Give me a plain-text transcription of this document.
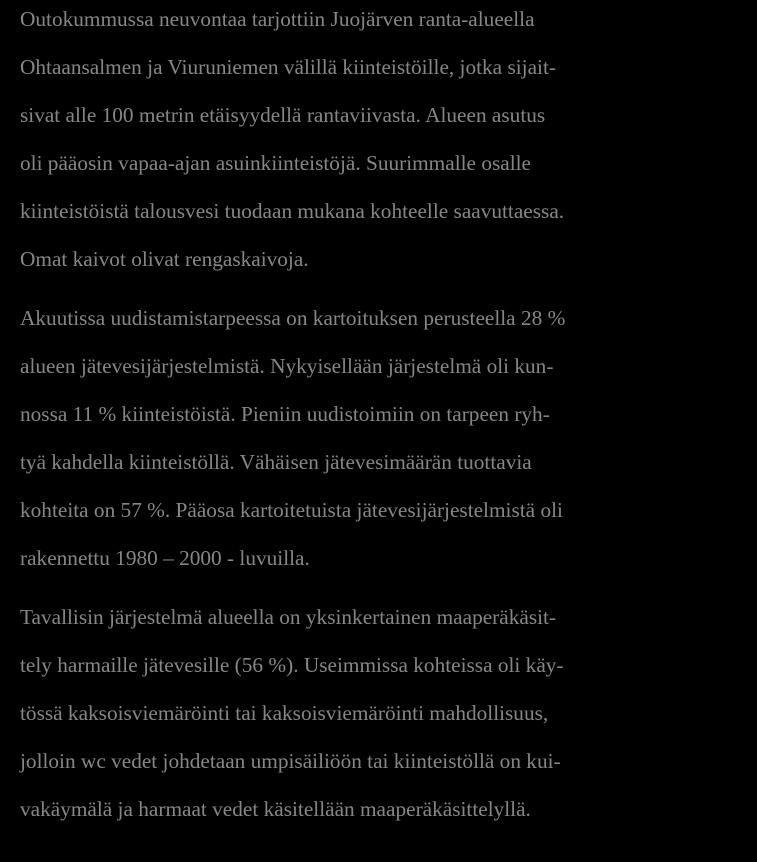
Outokummussa neuvontaa tarjottiin Juojärven ranta-alueella
Ohtaansalmen ja Viuruniemen välillä kiinteistöille, jotka sijait-
sivat alle 100 metrin etäisyydellä rantaviivasta. Alueen asutus
oli pääosin vapaa-ajan asuinkiinteistöjä. Suurimmalle osalle
kiinteistöistä talousvesi tuodaan mukana kohteelle saavuttaessa.
Omat kaivot olivat rengaskaivoja.
Akuutissa uudistamistarpeessa on kartoituksen perusteella 28 %
alueen jätevesijärjestelmistä. Nykyisellään järjestelmä oli kun-
nossa 11 % kiinteistöistä. Pieniin uudistoimiin on tarpeen ryh-
tyä kahdella kiinteistöllä. Vähäisen jätevesimäärän tuottavia
kohteita on 57 %. Pääosa kartoitetuista jätevesijärjestelmistä oli
rakennettu 1980 – 2000 - luvuilla.
Tavallisin järjestelmä alueella on yksinkertainen maaperäkäsit-
tely harmaille jätevesille (56 %). Useimmissa kohteissa oli käy-
tössä kaksoisviemäröinti tai kaksoisviemäröinti mahdollisuus,
jolloin wc vedet johdetaan umpisäiliöön tai kiinteistöllä on kui-
vakäymälä ja harmaat vedet käsitellään maaperäkäsittelyllä.
